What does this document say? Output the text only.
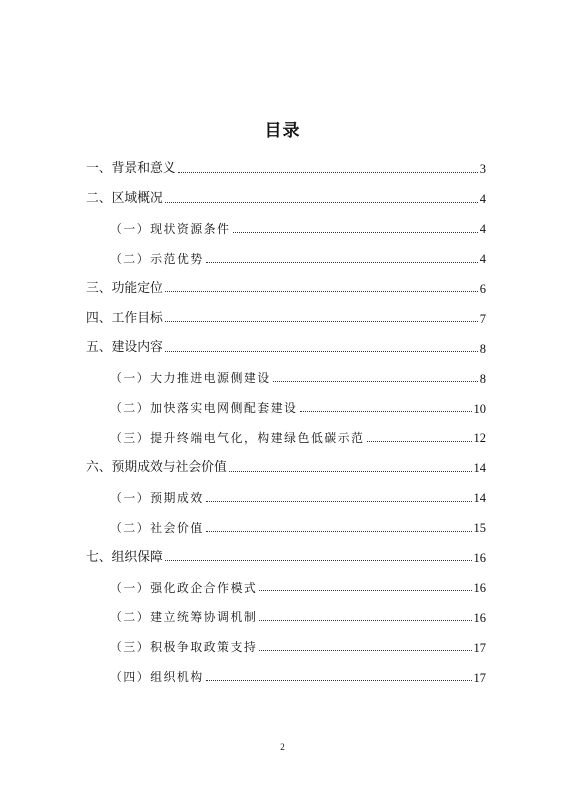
目录
一、背景和意义	3
二、区域概况	4
（一）现状资源条件	4
（二）示范优势	4
三、功能定位	6
四、工作目标	7
五、建设内容	8
（一）大力推进电源侧建设	8
（二）加快落实电网侧配套建设	10
（三）提升终端电气化，构建绿色低碳示范	12
六、预期成效与社会价值	14
（一）预期成效	14
（二）社会价值	15
七、组织保障	16
（一）强化政企合作模式	16
（二）建立统筹协调机制	16
（三）积极争取政策支持	17
（四）组织机构	17
2
